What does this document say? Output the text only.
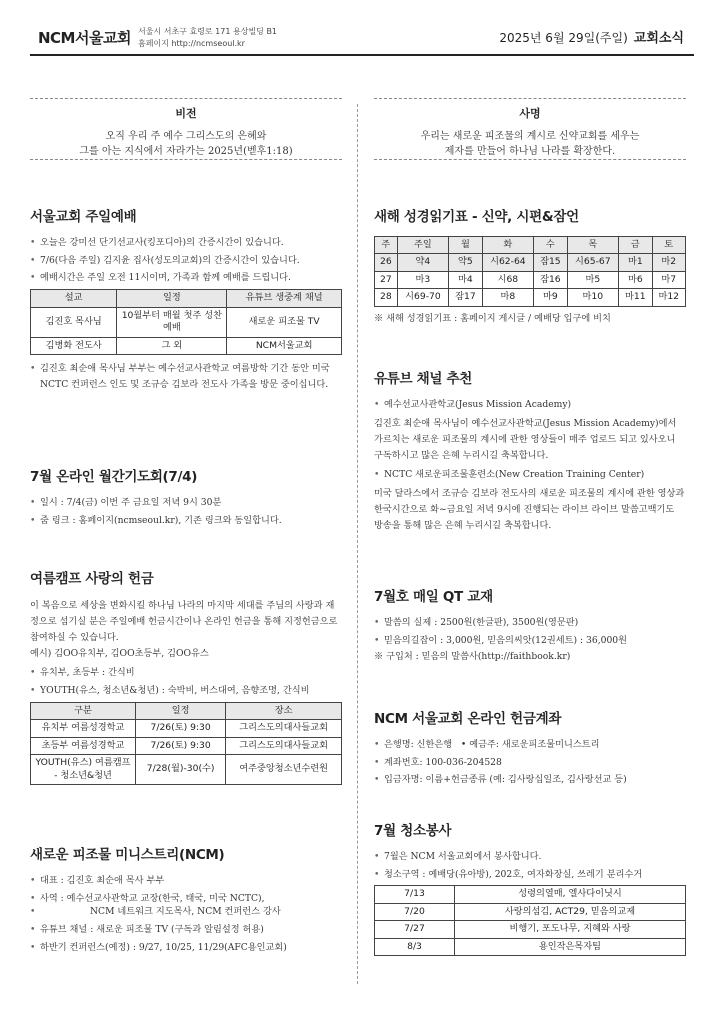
NCM서울교회 서울시 서초구 효령로 171 용상빌딩 B1
홈페이지 http://ncmseoul.kr	2025년 6월 29일(주일) 교회소식
비전
오직 우리 주 예수 그리스도의 은혜와
그를 아는 지식에서 자라가는 2025년(벧후1:18)
사명
우리는 새로운 피조물의 계시로 신약교회를 세우는
제자를 만들어 하나님 나라를 확장한다.
서울교회 주일예배
• 오늘은 강미선 단기선교사(킹포디아)의 간증시간이 있습니다.
• 7/6(다음 주일) 김지윤 집사(성도의교회)의 간증시간이 있습니다.
• 예배시간은 주일 오전 11시이며, 가족과 함께 예배를 드립니다.
설교	일정	유튜브 생중계 채널
김진호 목사님	10월부터 매월 첫주 성찬예배	새로운 피조물 TV
김병화 전도사	그 외	NCM서울교회
• 김진호 최순애 목사님 부부는 예수선교사관학교 여름방학 기간 동안 미국 NCTC 컨퍼런스 인도 및 조규승 김보라 전도사 가족을 방문 중이십니다.
7월 온라인 월간기도회(7/4)
• 일시 : 7/4(금) 이번 주 금요일 저녁 9시 30분
• 줌 링크 : 홈페이지(ncmseoul.kr), 기존 링크와 동일합니다.
여름캠프 사랑의 헌금
이 복음으로 세상을 변화시킬 하나님 나라의 마지막 세대를 주님의 사랑과 재정으로 섬기실 분은 주일예배 헌금시간이나 온라인 헌금을 통해 지정헌금으로 참여하실 수 있습니다.
예시) 김OO유치부, 김OO초등부, 김OO유스
• 유치부, 초등부 : 간식비
• YOUTH(유스, 청소년&청년) : 숙박비, 버스대여, 음향조명, 간식비
구분	일정	장소
유치부 여름성경학교	7/26(토) 9:30	그리스도의대사들교회
초등부 여름성경학교	7/26(토) 9:30	그리스도의대사들교회
YOUTH(유스) 여름캠프 - 청소년&청년	7/28(월)-30(수)	여주중앙청소년수련원
새로운 피조물 미니스트리(NCM)
• 대표 : 김진호 최순애 목사 부부
• 사역 : 예수선교사관학교 교장(한국, 태국, 미국 NCTC),
• NCM 네트워크 지도목사, NCM 컨퍼런스 강사
• 유튜브 채널 : 새로운 피조물 TV (구독과 알림설정 허용)
• 하반기 컨퍼런스(예정) : 9/27, 10/25, 11/29(AFC용인교회)
새해 성경읽기표 - 신약, 시편&잠언
주	주일	월	화	수	목	금	토
26	약4	약5	시62-64	잠15	시65-67	마1	마2
27	마3	마4	시68	잠16	마5	마6	마7
28	시69-70	잠17	마8	마9	마10	마11	마12
※ 새해 성경읽기표 : 홈페이지 게시글 / 예배당 입구에 비치
유튜브 채널 추천
• 예수선교사관학교(Jesus Mission Academy)
김진호 최순애 목사님이 예수선교사관학교(Jesus Mission Academy)에서 가르치는 새로운 피조물의 계시에 관한 영상들이 매주 업로드 되고 있사오니 구독하시고 많은 은혜 누리시길 축복합니다.
• NCTC 새로운피조물훈련소(New Creation Training Center)
미국 달라스에서 조규승 김보라 전도사의 새로운 피조물의 계시에 관한 영상과 한국시간으로 화~금요일 저녁 9시에 진행되는 라이브 라이브 말씀고백기도 방송을 통해 많은 은혜 누리시길 축복합니다.
7월호 매일 QT 교재
• 말씀의 실제 : 2500원(한글판), 3500원(영문판)
• 믿음의길잡이 : 3,000원, 믿음의씨앗(12권세트) : 36,000원
※ 구입처 : 믿음의 말씀사(http://faithbook.kr)
NCM 서울교회 온라인 헌금계좌
• 은행명: 신한은행   • 예금주: 새로운피조물미니스트리
• 계좌번호: 100-036-204528
• 입금자명: 이름+헌금종류 (예: 김사랑십일조, 김사랑선교 등)
7월 청소봉사
• 7월은 NCM 서울교회에서 봉사합니다.
• 청소구역 : 예배당(유아방), 202호, 여자화장실, 쓰레기 분리수거
7/13	성령의열매, 엘사다이닛시
7/20	사랑의섬김, ACT29, 믿음의교제
7/27	비행기, 포도나무, 지혜와 사랑
8/3	용인작은목자팀
